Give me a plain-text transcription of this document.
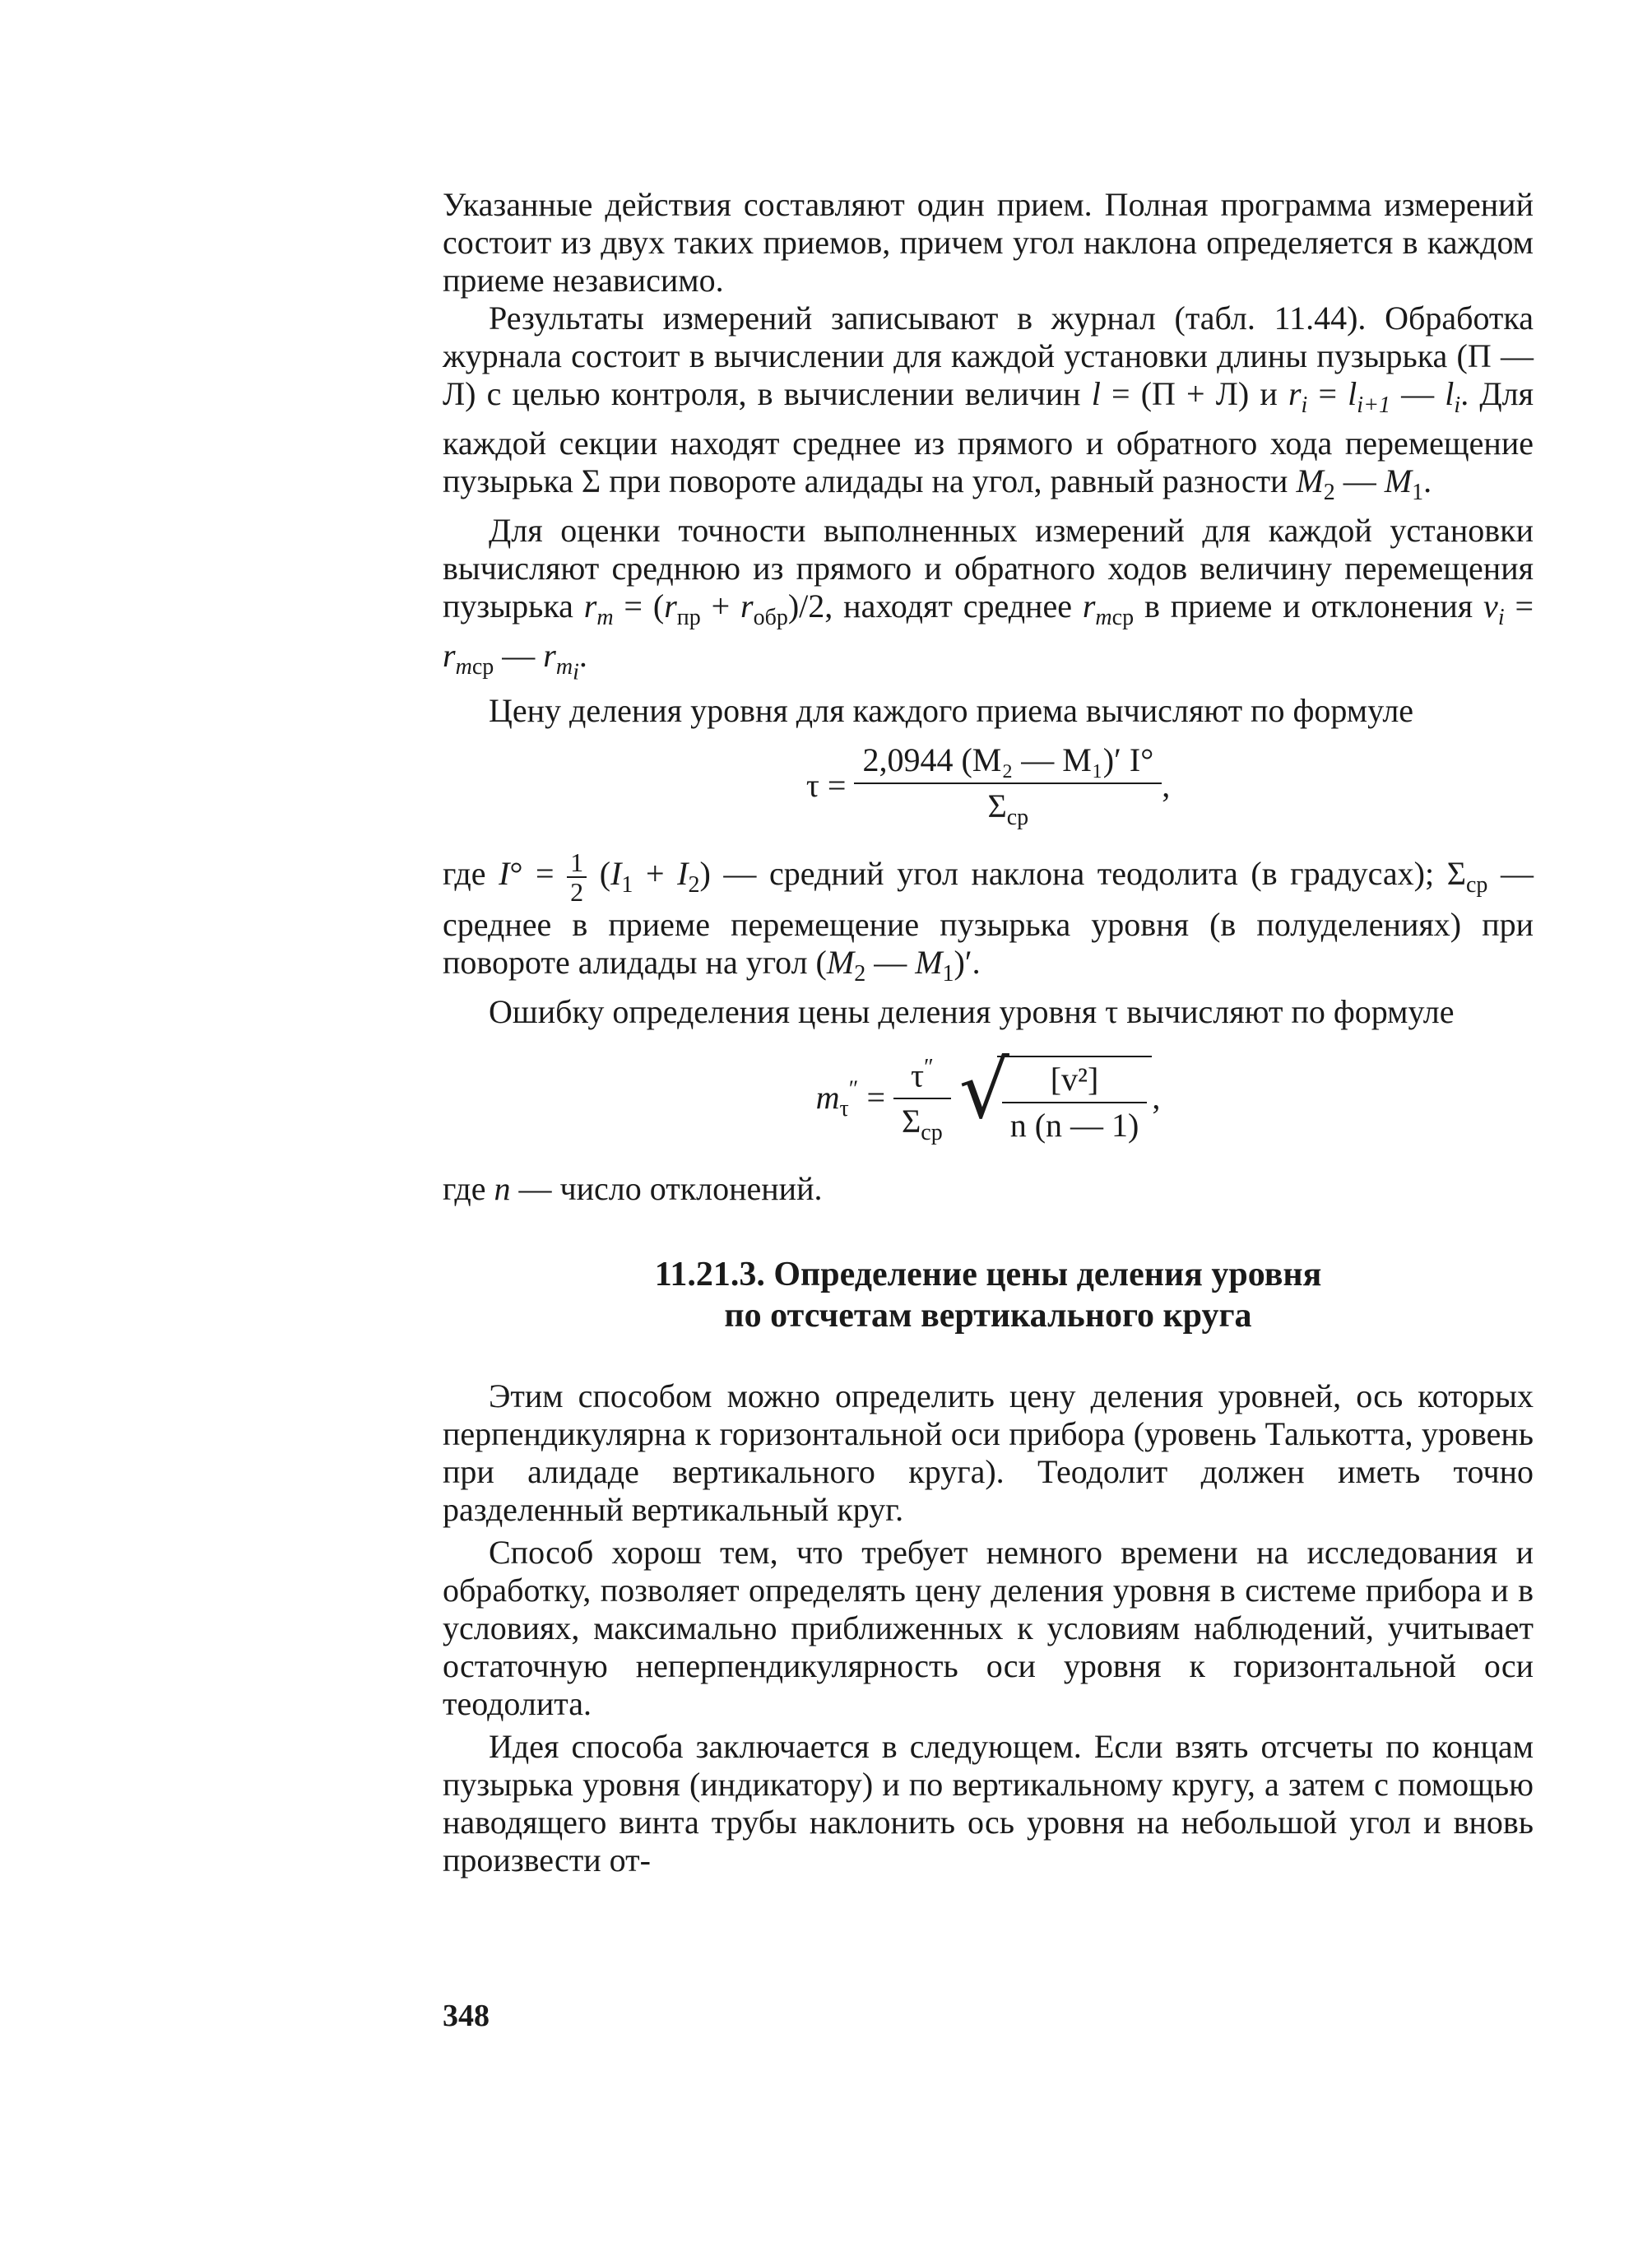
Указанные действия составляют один прием. Полная программа измерений состоит из двух таких приемов, причем угол наклона определяется в каждом приеме независимо.

Результаты измерений записывают в журнал (табл. 11.44). Обработка журнала состоит в вычислении для каждой установки длины пузырька (П — Л) с целью контроля, в вычислении величин l = (П + Л) и $r_i = l_{i+1}$ — $l_i$. Для каждой секции находят среднее из прямого и обратного хода перемещение пузырька Σ при повороте алидады на угол, равный разности $M_2$ — $M_1$.

Для оценки точности выполненных измерений для каждой установки вычисляют среднюю из прямого и обратного ходов величину перемещения пузырька $r_m = (r_{пр} + r_{обр})/2$, находят среднее $r_{mср}$ в приеме и отклонения $v_i = r_{mср}$ — $r_{m_i}$.

Цену деления уровня для каждого приема вычисляют по формуле

$\tau = \frac{\text{2,0944 (M₂ — M₁)′ I°}}{\Sigma_{ср}}$ ,

где $I^\circ = \frac{1}{2} (I_1 + I_2)$ — средний угол наклона теодолита (в градусах); $\Sigma_{ср}$ — среднее в приеме перемещение пузырька уровня (в полуделениях) при повороте алидады на угол ($M_2$ — $M_1)'$.

Ошибку определения цены деления уровня τ вычисляют по формуле

$m_\tau'' = \frac{\tau''}{\Sigma_{ср}}$
√
$\frac{\text{[v²]}}{n (n — 1)}$ ,

где n — число отклонений.

11.21.3. Определение цены деления уровня
по отсчетам вертикального круга

Этим способом можно определить цену деления уровней, ось которых перпендикулярна к горизонтальной оси прибора (уровень Талькотта, уровень при алидаде вертикального круга). Теодолит должен иметь точно разделенный вертикальный круг.

Способ хорош тем, что требует немного времени на исследования и обработку, позволяет определять цену деления уровня в системе прибора и в условиях, максимально приближенных к условиям наблюдений, учитывает остаточную неперпендикулярность оси уровня к горизонтальной оси теодолита.

Идея способа заключается в следующем. Если взять отсчеты по концам пузырька уровня (индикатору) и по вертикальному кругу, а затем с помощью наводящего винта трубы наклонить ось уровня на небольшой угол и вновь произвести от-

348
